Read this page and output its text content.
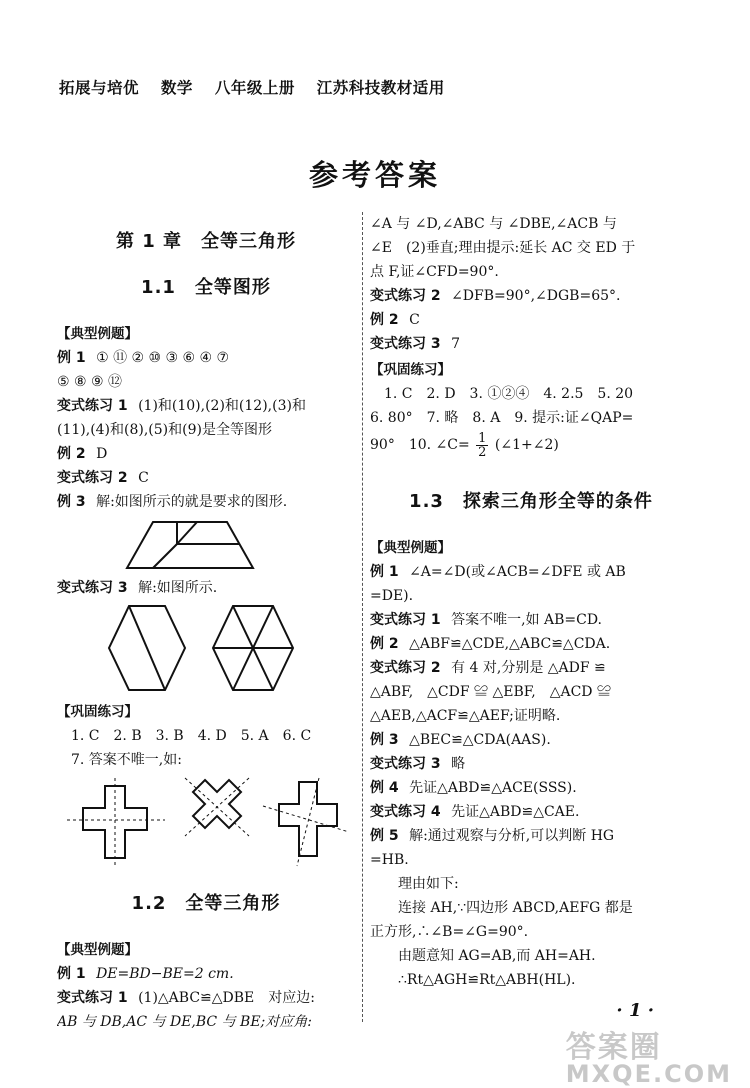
拓展与培优 数学 八年级上册 江苏科技教材适用
参考答案
第 1 章　全等三角形
1.1　全等图形
【典型例题】
例 1 ① ⑪ ② ⑩ ③ ⑥ ④ ⑦
⑤ ⑧ ⑨ ⑫
变式练习 1 (1)和(10),(2)和(12),(3)和
(11),(4)和(8),(5)和(9)是全等图形
例 2 D
变式练习 2 C
例 3 解:如图所示的就是要求的图形.
变式练习 3 解:如图所示.
【巩固练习】
1. C　2. B　3. B　4. D　5. A　6. C
7. 答案不唯一,如:
1.2　全等三角形
【典型例题】
例 1 DE=BD−BE=2 cm.
变式练习 1 (1)△ABC≌△DBE　对应边:
AB 与 DB,AC 与 DE,BC 与 BE;对应角:
∠A 与 ∠D,∠ABC 与 ∠DBE,∠ACB 与
∠E　(2)垂直;理由提示:延长 AC 交 ED 于
点 F,证∠CFD=90°.
变式练习 2 ∠DFB=90°,∠DGB=65°.
例 2 C
变式练习 3 7
【巩固练习】
1. C　2. D　3. ①②④　4. 2.5　5. 20
6. 80°　7. 略　8. A　9. 提示:证∠QAP=
90°　10. ∠C= $\frac{1}{2}$ (∠1+∠2)
1.3　探索三角形全等的条件
【典型例题】
例 1 ∠A=∠D(或∠ACB=∠DFE 或 AB
=DE).
变式练习 1 答案不唯一,如 AB=CD.
例 2 △ABF≌△CDE,△ABC≌△CDA.
变式练习 2 有 4 对,分别是 △ADF ≌
△ABF,　△CDF ≌ △EBF,　△ACD ≌
△AEB,△ACF≌△AEF;证明略.
例 3 △BEC≌△CDA(AAS).
变式练习 3 略
例 4 先证△ABD≌△ACE(SSS).
变式练习 4 先证△ABD≌△CAE.
例 5 解:通过观察与分析,可以判断 HG
=HB.
理由如下:
连接 AH,∵四边形 ABCD,AEFG 都是
正方形,∴∠B=∠G=90°.
由题意知 AG=AB,而 AH=AH.
∴Rt△AGH≌Rt△ABH(HL).
· 1 ·
答案圈
MXQE.COM
